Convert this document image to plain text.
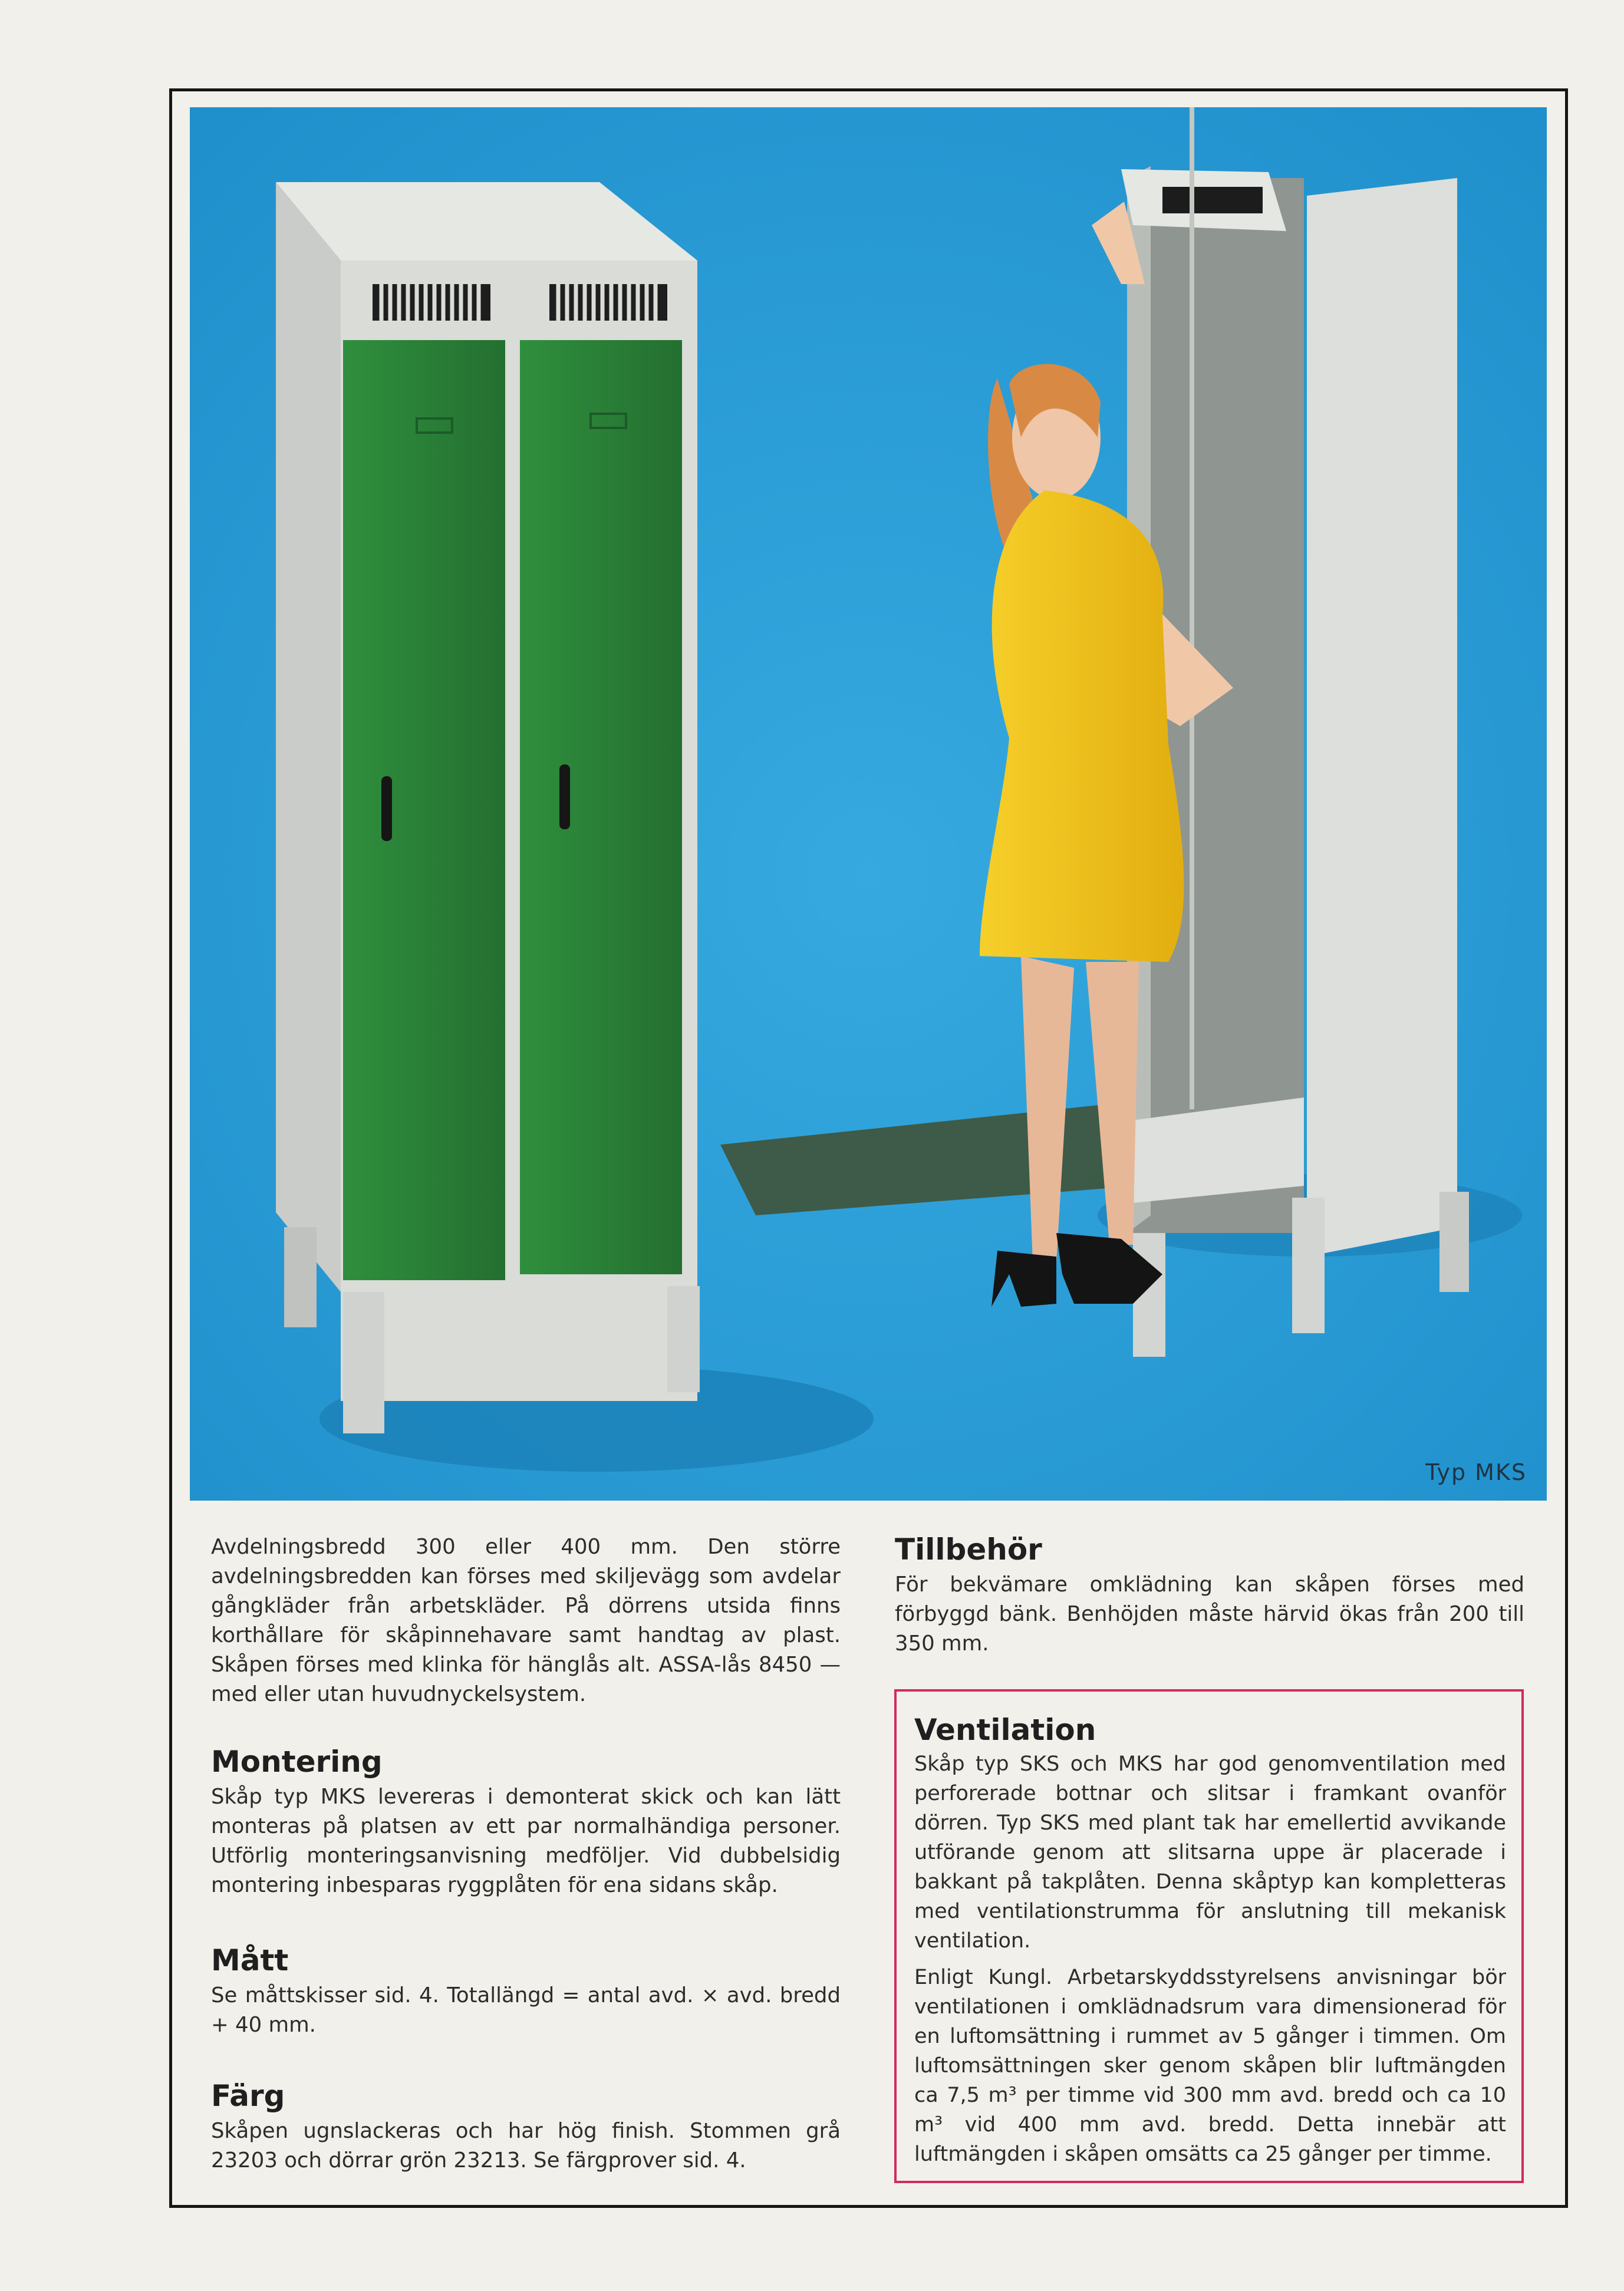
Typ MKS

Avdelningsbredd 300 eller 400 mm. Den större avdelningsbredden kan förses med skiljevägg som avdelar gångkläder från arbetskläder. På dörrens utsida finns korthållare för skåpinnehavare samt handtag av plast. Skåpen förses med klinka för hänglås alt. ASSA-lås 8450 — med eller utan huvudnyckelsystem.

Montering

Skåp typ MKS levereras i demonterat skick och kan lätt monteras på platsen av ett par normalhändiga personer. Utförlig monteringsanvisning medföljer. Vid dubbelsidig montering inbesparas ryggplåten för ena sidans skåp.

Mått

Se måttskisser sid. 4. Totallängd = antal avd. × avd. bredd + 40 mm.

Färg

Skåpen ugnslackeras och har hög finish. Stommen grå 23203 och dörrar grön 23213. Se färgprover sid. 4.

Tillbehör

För bekvämare omklädning kan skåpen förses med förbyggd bänk. Benhöjden måste härvid ökas från 200 till 350 mm.

Ventilation

Skåp typ SKS och MKS har god genomventilation med perforerade bottnar och slitsar i framkant ovanför dörren. Typ SKS med plant tak har emellertid avvikande utförande genom att slitsarna uppe är placerade i bakkant på takplåten. Denna skåptyp kan kompletteras med ventilationstrumma för anslutning till mekanisk ventilation.

Enligt Kungl. Arbetarskyddsstyrelsens anvisningar bör ventilationen i omklädnadsrum vara dimensionerad för en luftomsättning i rummet av 5 gånger i timmen. Om luftomsättningen sker genom skåpen blir luftmängden ca 7,5 m³ per timme vid 300 mm avd. bredd och ca 10 m³ vid 400 mm avd. bredd. Detta innebär att luftmängden i skåpen omsätts ca 25 gånger per timme.
